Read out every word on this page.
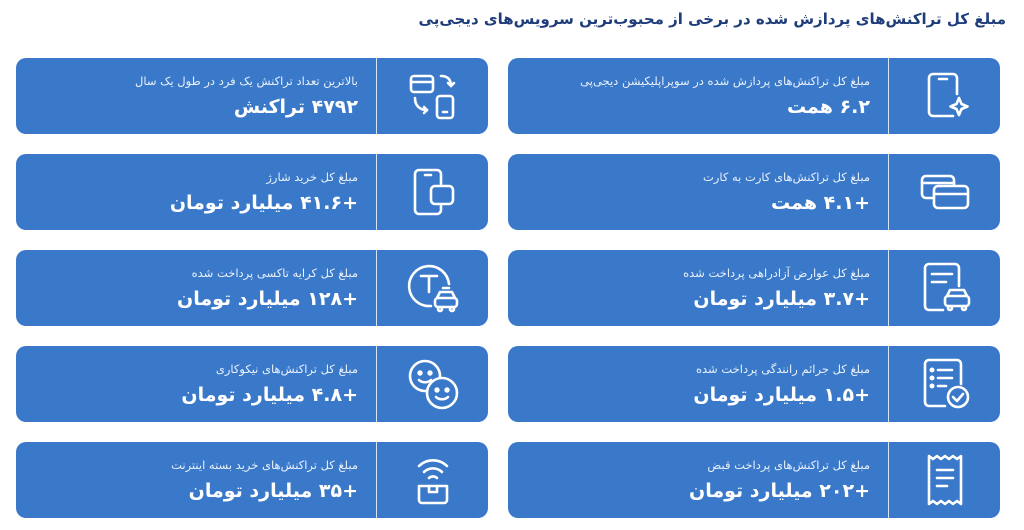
مبلغ کل تراکنش‌های پردازش شده در برخی از محبوب‌ترین سرویس‌های دیجی‌پی
مبلغ کل تراکنش‌های پردازش شده در سوپراپلیکیشن دیجی‌پی
۶.۲ همت
بالاترین تعداد تراکنش یک فرد در طول یک سال
۴۷۹۲ تراکنش
مبلغ کل تراکنش‌های کارت به کارت
+۴.۱ همت
مبلغ کل خرید شارژ
+۴۱.۶ میلیارد تومان
مبلغ کل عوارض آزادراهی پرداخت شده
+۳.۷ میلیارد تومان
مبلغ کل کرایه تاکسی پرداخت شده
+۱۲۸ میلیارد تومان
مبلغ کل جرائم رانندگی پرداخت شده
+۱.۵ میلیارد تومان
مبلغ کل تراکنش‌های نیکوکاری
+۴.۸ میلیارد تومان
مبلغ کل تراکنش‌های پرداخت قبض
+۲۰۲ میلیارد تومان
مبلغ کل تراکنش‌های خرید بسته اینترنت
+۳۵ میلیارد تومان
